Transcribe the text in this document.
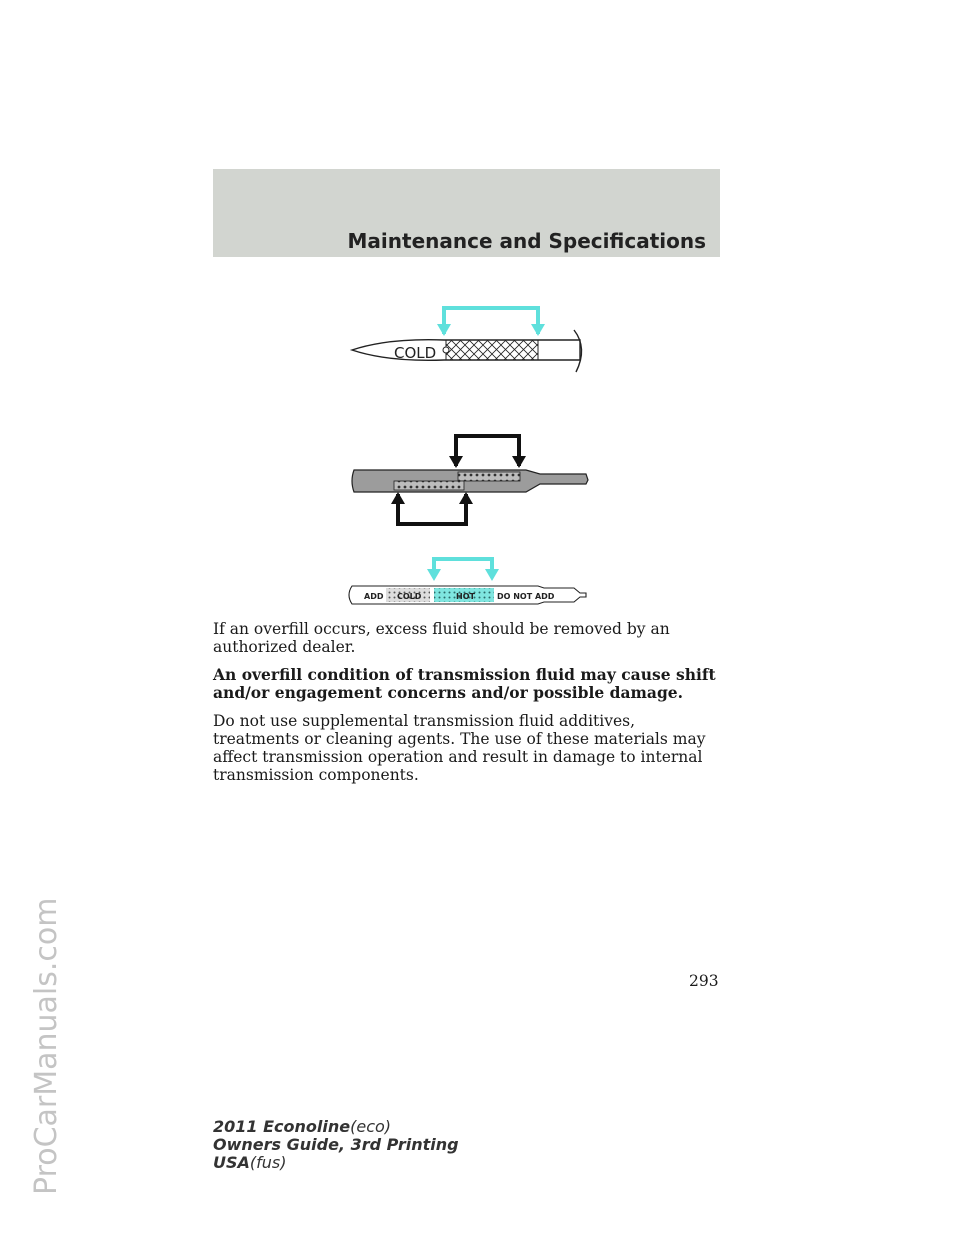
ProCarManuals.com
Maintenance and Specifications
COLD
ADD COLD	HOT	DO NOT ADD

If an overfill occurs, excess fluid should be removed by an authorized dealer.

An overfill condition of transmission fluid may cause shift and/or engagement concerns and/or possible damage.

Do not use supplemental transmission fluid additives, treatments or cleaning agents. The use of these materials may affect transmission operation and result in damage to internal transmission components.

293
2011 Econoline(eco)
Owners Guide, 3rd Printing
USA(fus)
